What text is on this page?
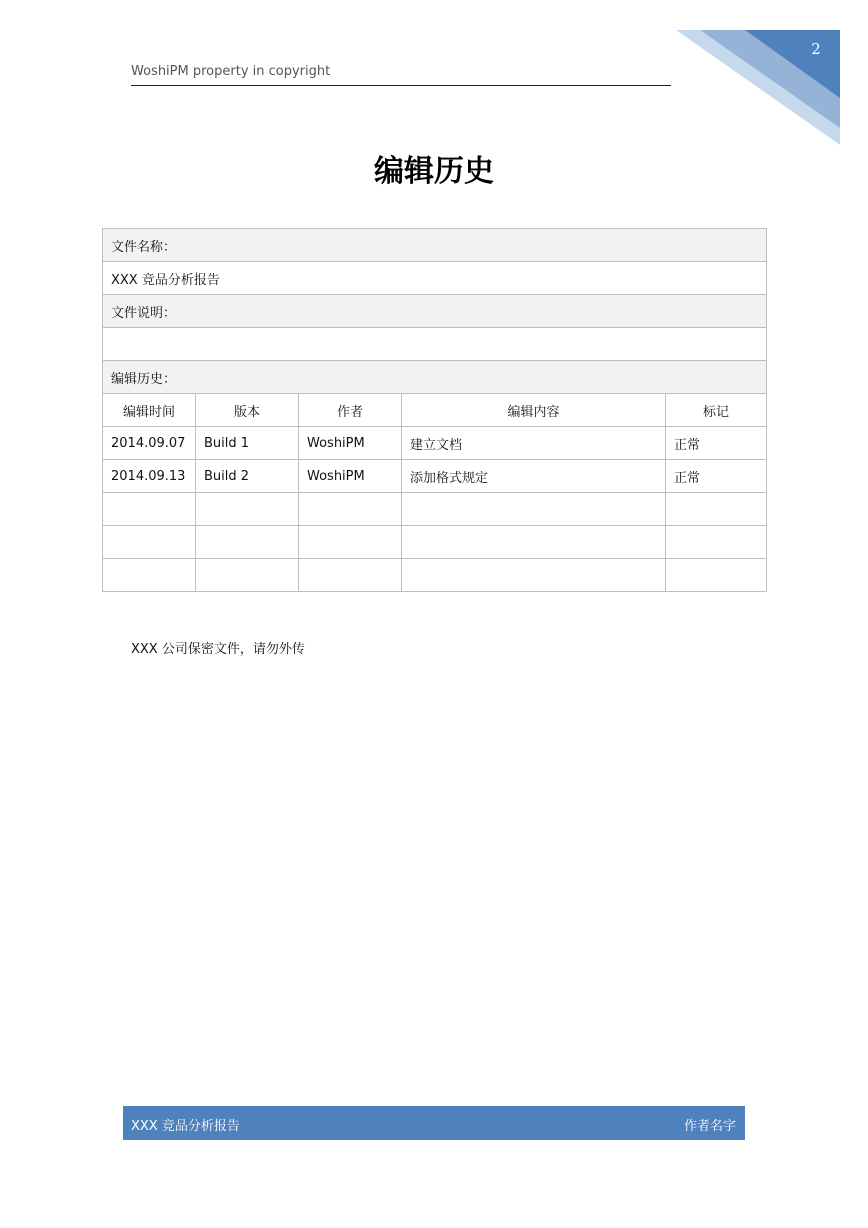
2
WoshiPM property in copyright
编辑历史
文件名称：				
XXX 竞品分析报告				
文件说明：				

编辑历史：				
编辑时间	版本	作者	编辑内容	标记
2014.09.07	Build 1	WoshiPM	建立文档	正常
2014.09.13	Build 2	WoshiPM	添加格式规定	正常

XXX 公司保密文件，请勿外传
XXX 竞品分析报告	作者名字
